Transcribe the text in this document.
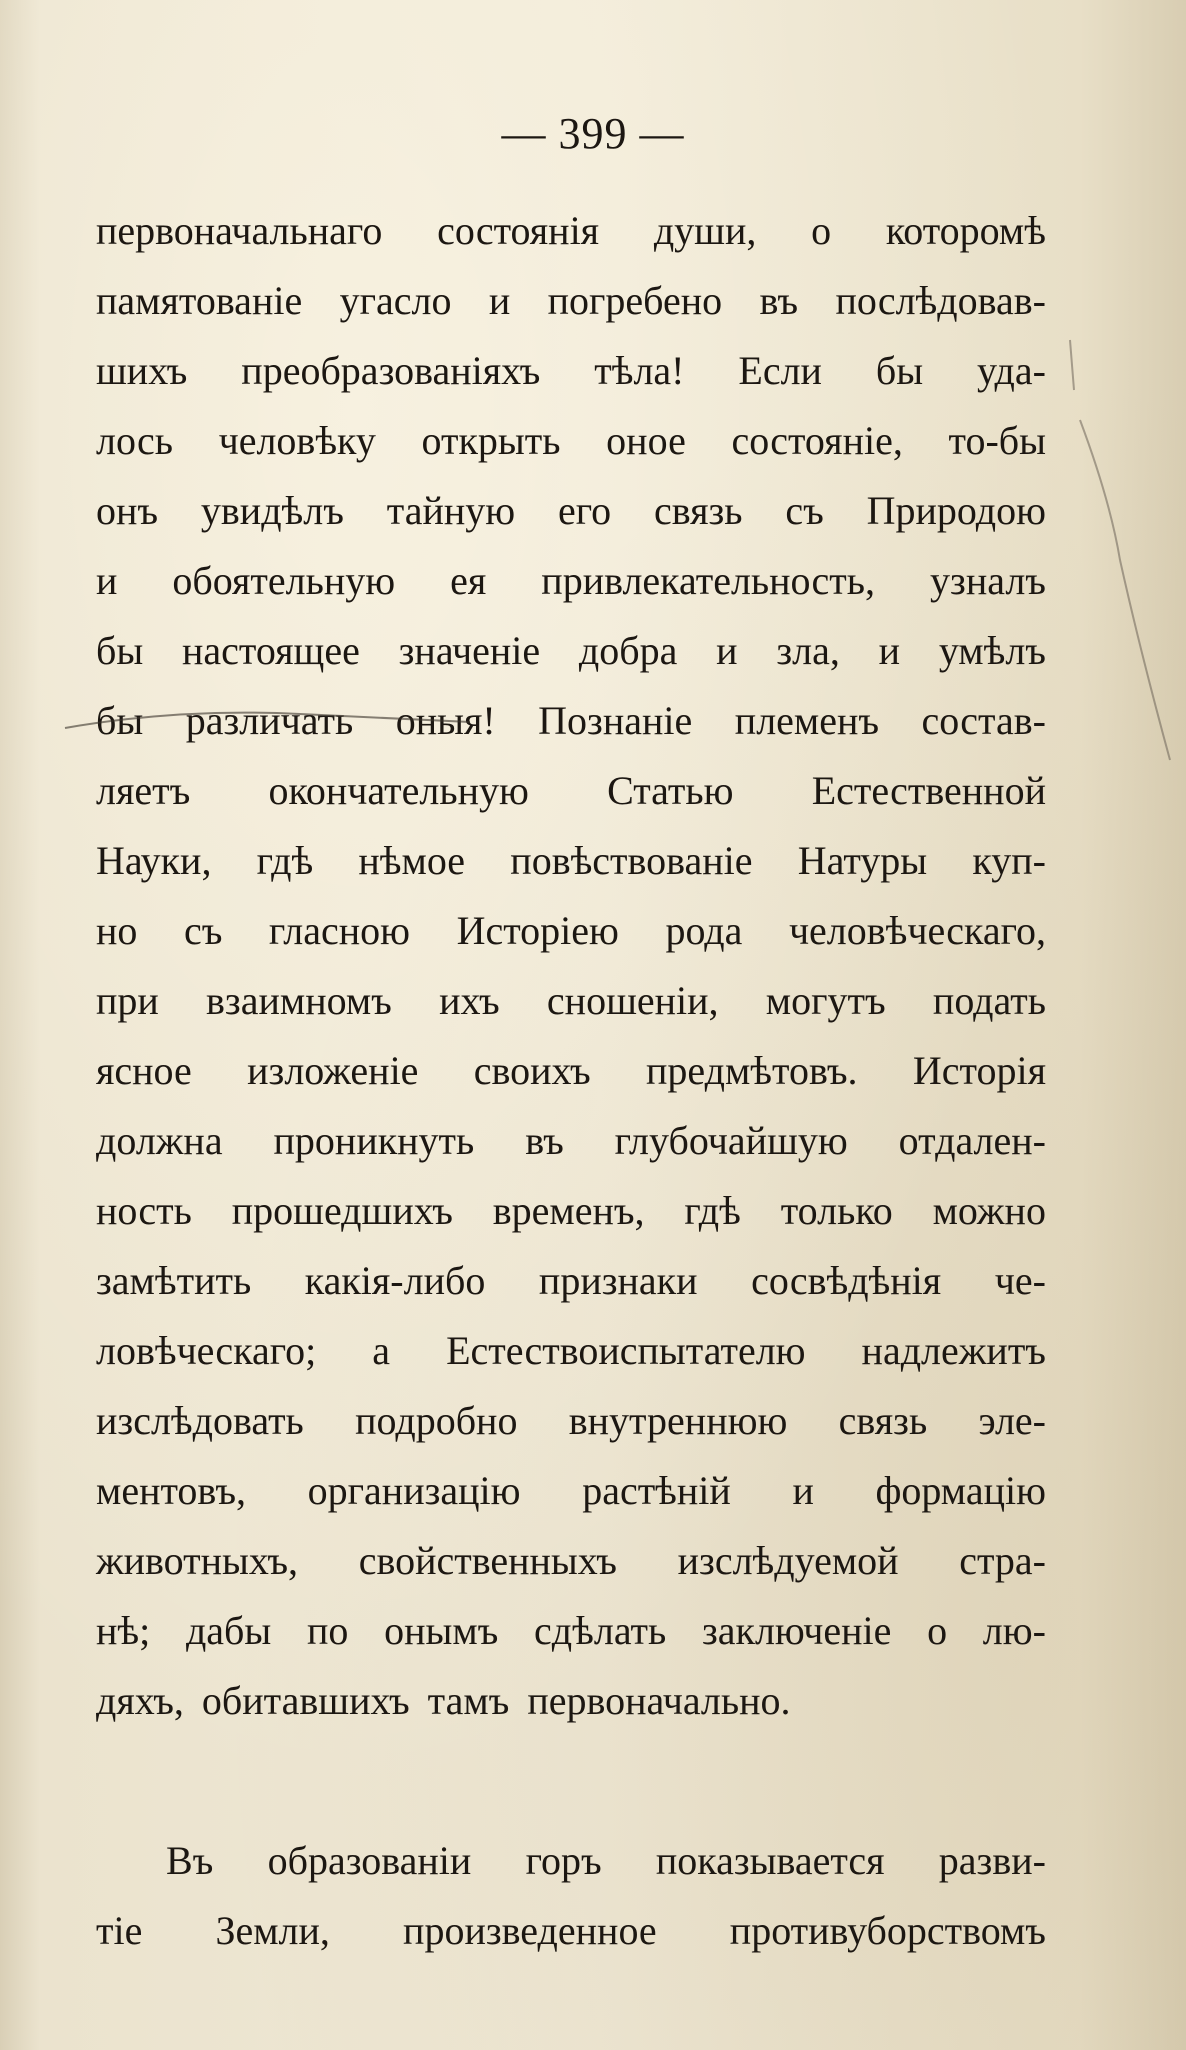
— 399 —
первоначальнаго состоянія души, о которомѣ
памятованіе угасло и погребено въ послѣдовав-
шихъ преобразованіяхъ тѣла! Если бы уда-
лось человѣку открыть оное состояніе, то-бы
онъ увидѣлъ тайную его связь съ Природою
и обоятельную ея привлекательность, узналъ
бы настоящее значеніе добра и зла, и умѣлъ
бы различать оныя! Познаніе племенъ состав-
ляетъ окончательную Статью Естественной
Науки, гдѣ нѣмое повѣствованіе Натуры куп-
но съ гласною Исторіею рода человѣческаго,
при взаимномъ ихъ сношеніи, могутъ подать
ясное изложеніе своихъ предмѣтовъ. Исторія
должна проникнуть въ глубочайшую отдален-
ность прошедшихъ временъ, гдѣ только можно
замѣтить какія-либо признаки сосвѣдѣнія че-
ловѣческаго; а Естествоиспытателю надлежитъ
изслѣдовать подробно внутреннюю связь эле-
ментовъ, организацію растѣній и формацію
животныхъ, свойственныхъ изслѣдуемой стра-
нѣ; дабы по онымъ сдѣлать заключеніе о лю-
дяхъ, обитавшихъ тамъ первоначально.
Въ образованіи горъ показывается разви-
тіе Земли, произведенное противуборствомъ
